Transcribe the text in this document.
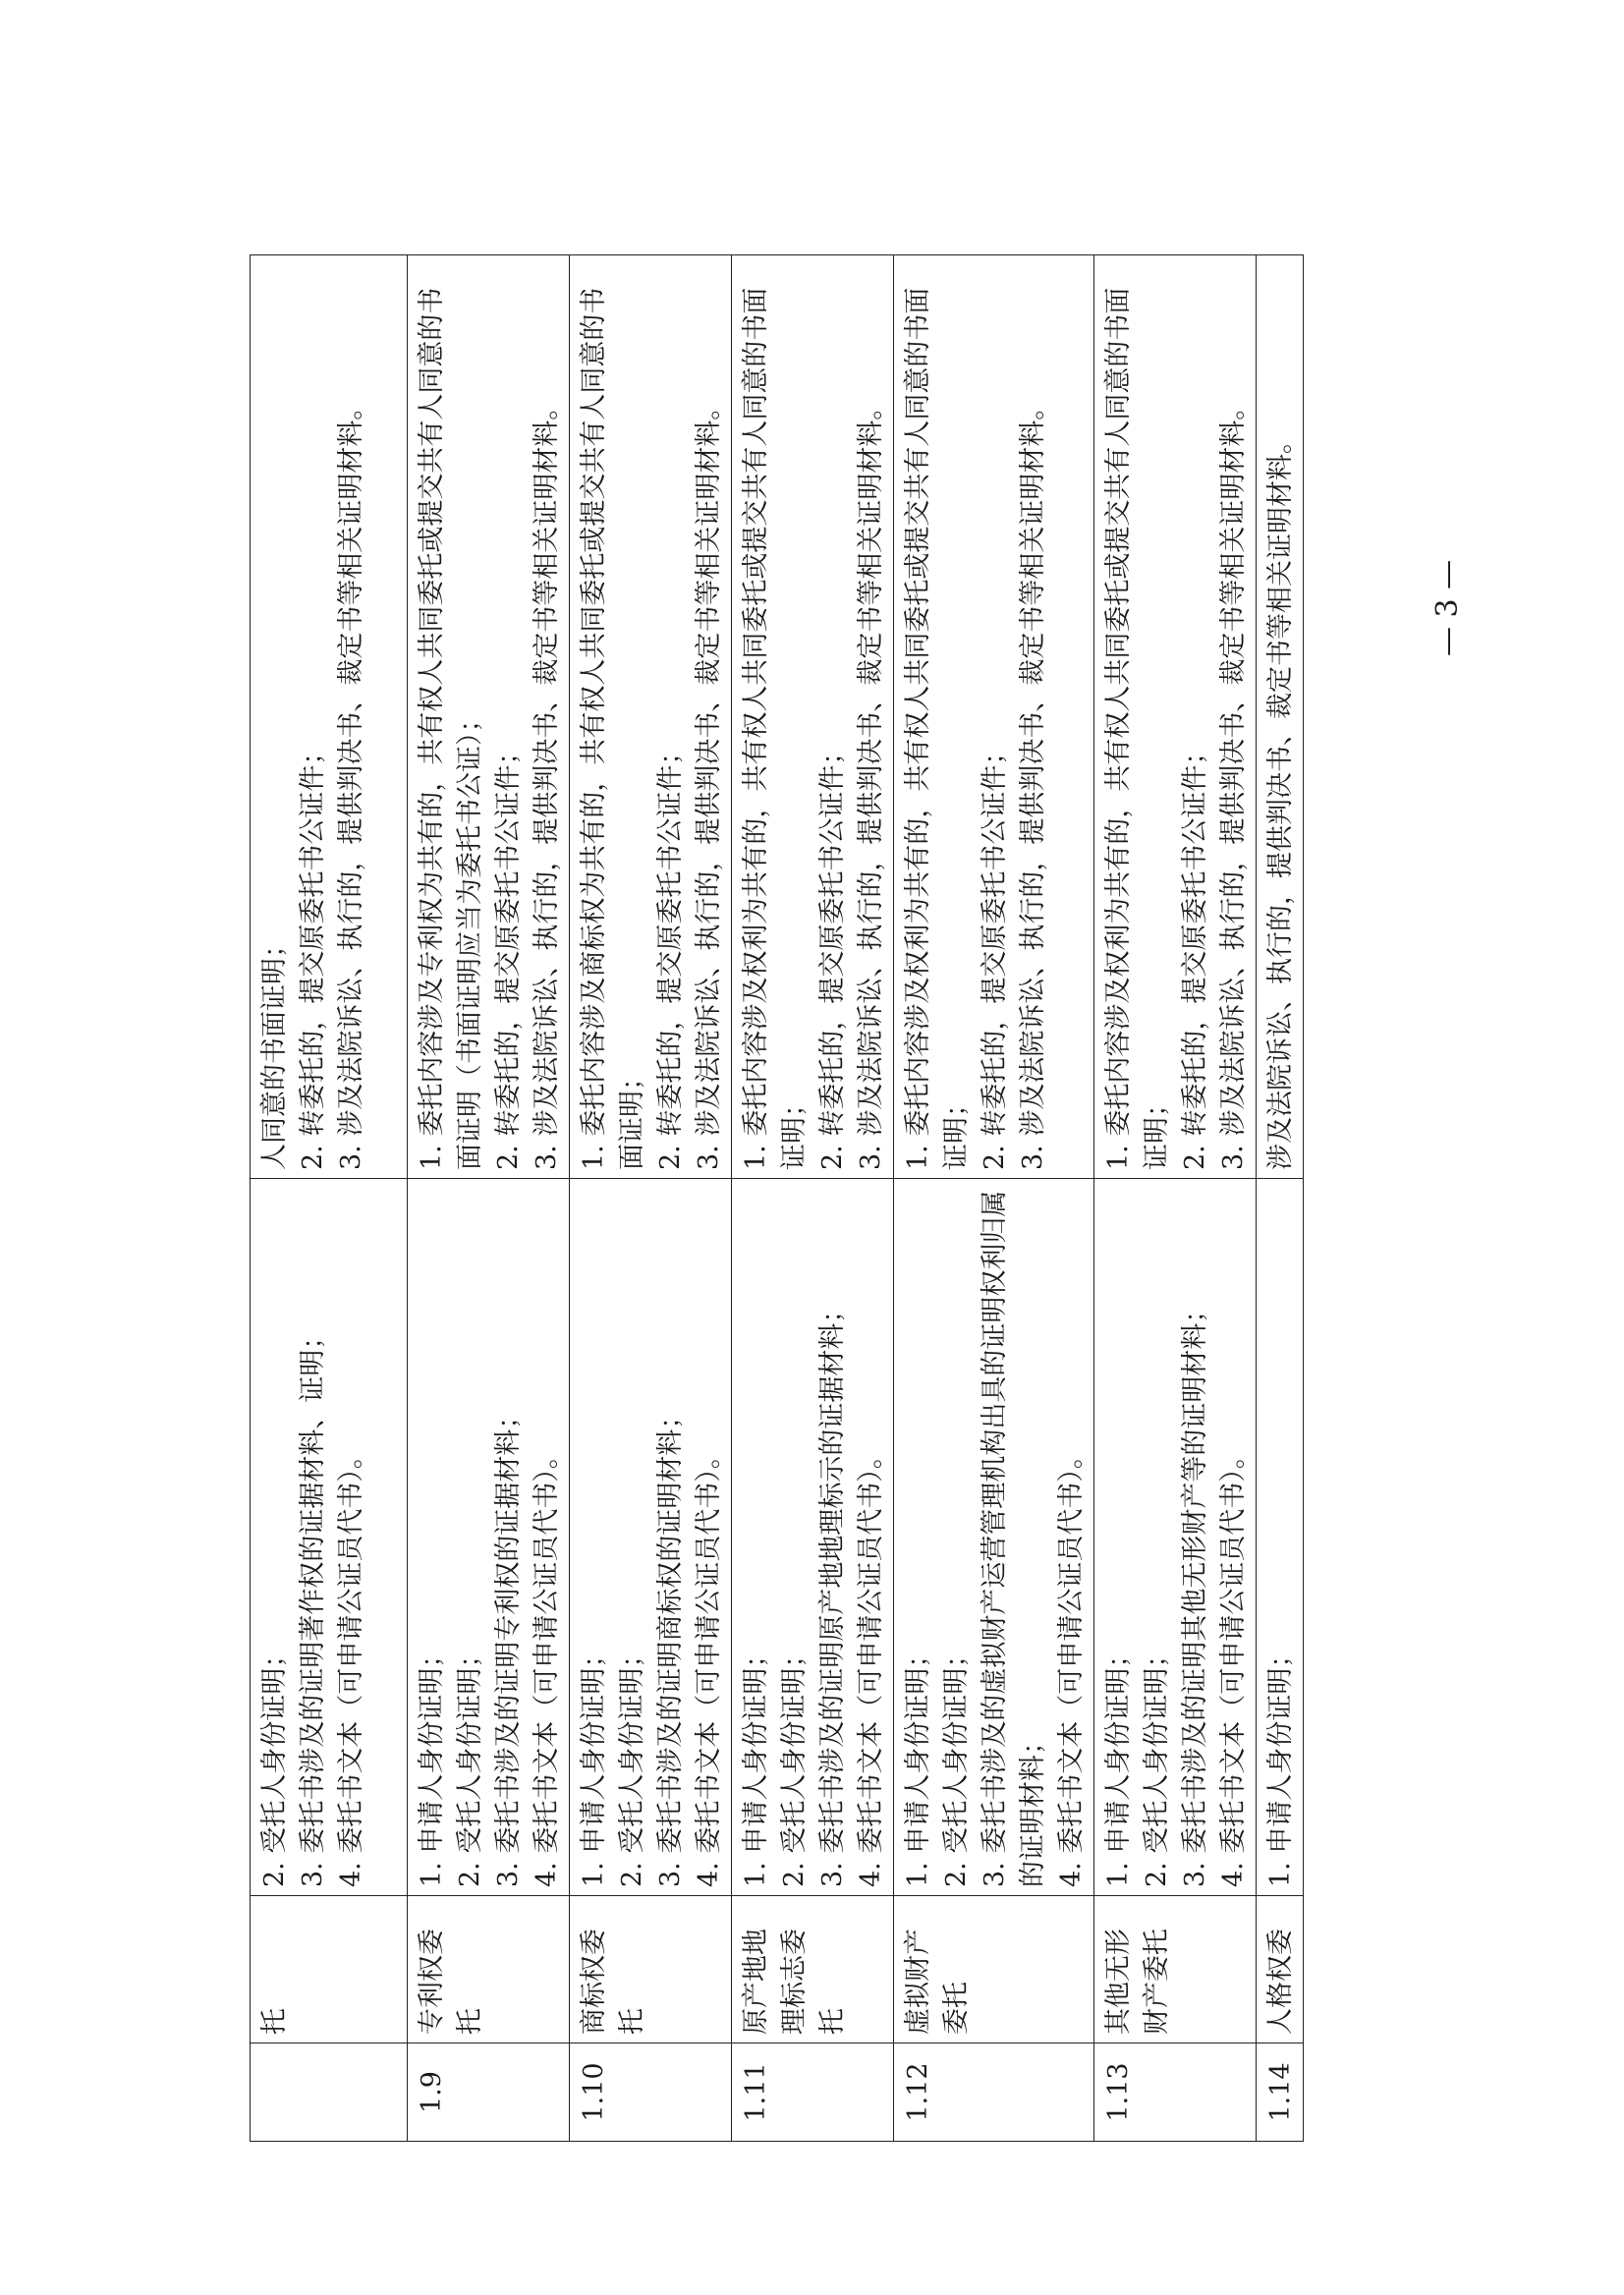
	托	2. 受托人身份证明； 3. 委托书涉及的证明著作权的证据材料、证明； 4. 委托书文本（可申请公证员代书）。	人同意的书面证明； 2. 转委托的，提交原委托书公证件； 3. 涉及法院诉讼、执行的，提供判决书、裁定书等相关证明材料。

1.9	专利权委托	1. 申请人身份证明； 2. 受托人身份证明； 3. 委托书涉及的证明专利权的证据材料； 4. 委托书文本（可申请公证员代书）。	1. 委托内容涉及专利权为共有的，共有权人共同委托或提交共有人同意的书面证明（书面证明应当为委托书公证）； 2. 转委托的，提交原委托书公证件； 3. 涉及法院诉讼、执行的，提供判决书、裁定书等相关证明材料。

1.10	商标权委托	1. 申请人身份证明； 2. 受托人身份证明； 3. 委托书涉及的证明商标权的证明材料； 4. 委托书文本（可申请公证员代书）。	1. 委托内容涉及商标权为共有的，共有权人共同委托或提交共有人同意的书面证明； 2. 转委托的，提交原委托书公证件； 3. 涉及法院诉讼、执行的，提供判决书、裁定书等相关证明材料。

1.11	原产地地理标志委托	1. 申请人身份证明； 2. 受托人身份证明； 3. 委托书涉及的证明原产地地理标示的证据材料； 4. 委托书文本（可申请公证员代书）。	1. 委托内容涉及权利为共有的，共有权人共同委托或提交共有人同意的书面证明； 2. 转委托的，提交原委托书公证件； 3. 涉及法院诉讼、执行的，提供判决书、裁定书等相关证明材料。

1.12	虚拟财产委托	1. 申请人身份证明； 2. 受托人身份证明； 3. 委托书涉及的虚拟财产运营管理机构出具的证明权利归属的证明材料； 4. 委托书文本（可申请公证员代书）。	1. 委托内容涉及权利为共有的，共有权人共同委托或提交共有人同意的书面证明； 2. 转委托的，提交原委托书公证件； 3. 涉及法院诉讼、执行的，提供判决书、裁定书等相关证明材料。

1.13	其他无形财产委托	1. 申请人身份证明； 2. 受托人身份证明； 3. 委托书涉及的证明其他无形财产等的证明材料； 4. 委托书文本（可申请公证员代书）。	1. 委托内容涉及权利为共有的，共有权人共同委托或提交共有人同意的书面证明； 2. 转委托的，提交原委托书公证件； 3. 涉及法院诉讼、执行的，提供判决书、裁定书等相关证明材料。

1.14	人格权委	1. 申请人身份证明；	涉及法院诉讼、执行的，提供判决书、裁定书等相关证明材料。	— 3 —
